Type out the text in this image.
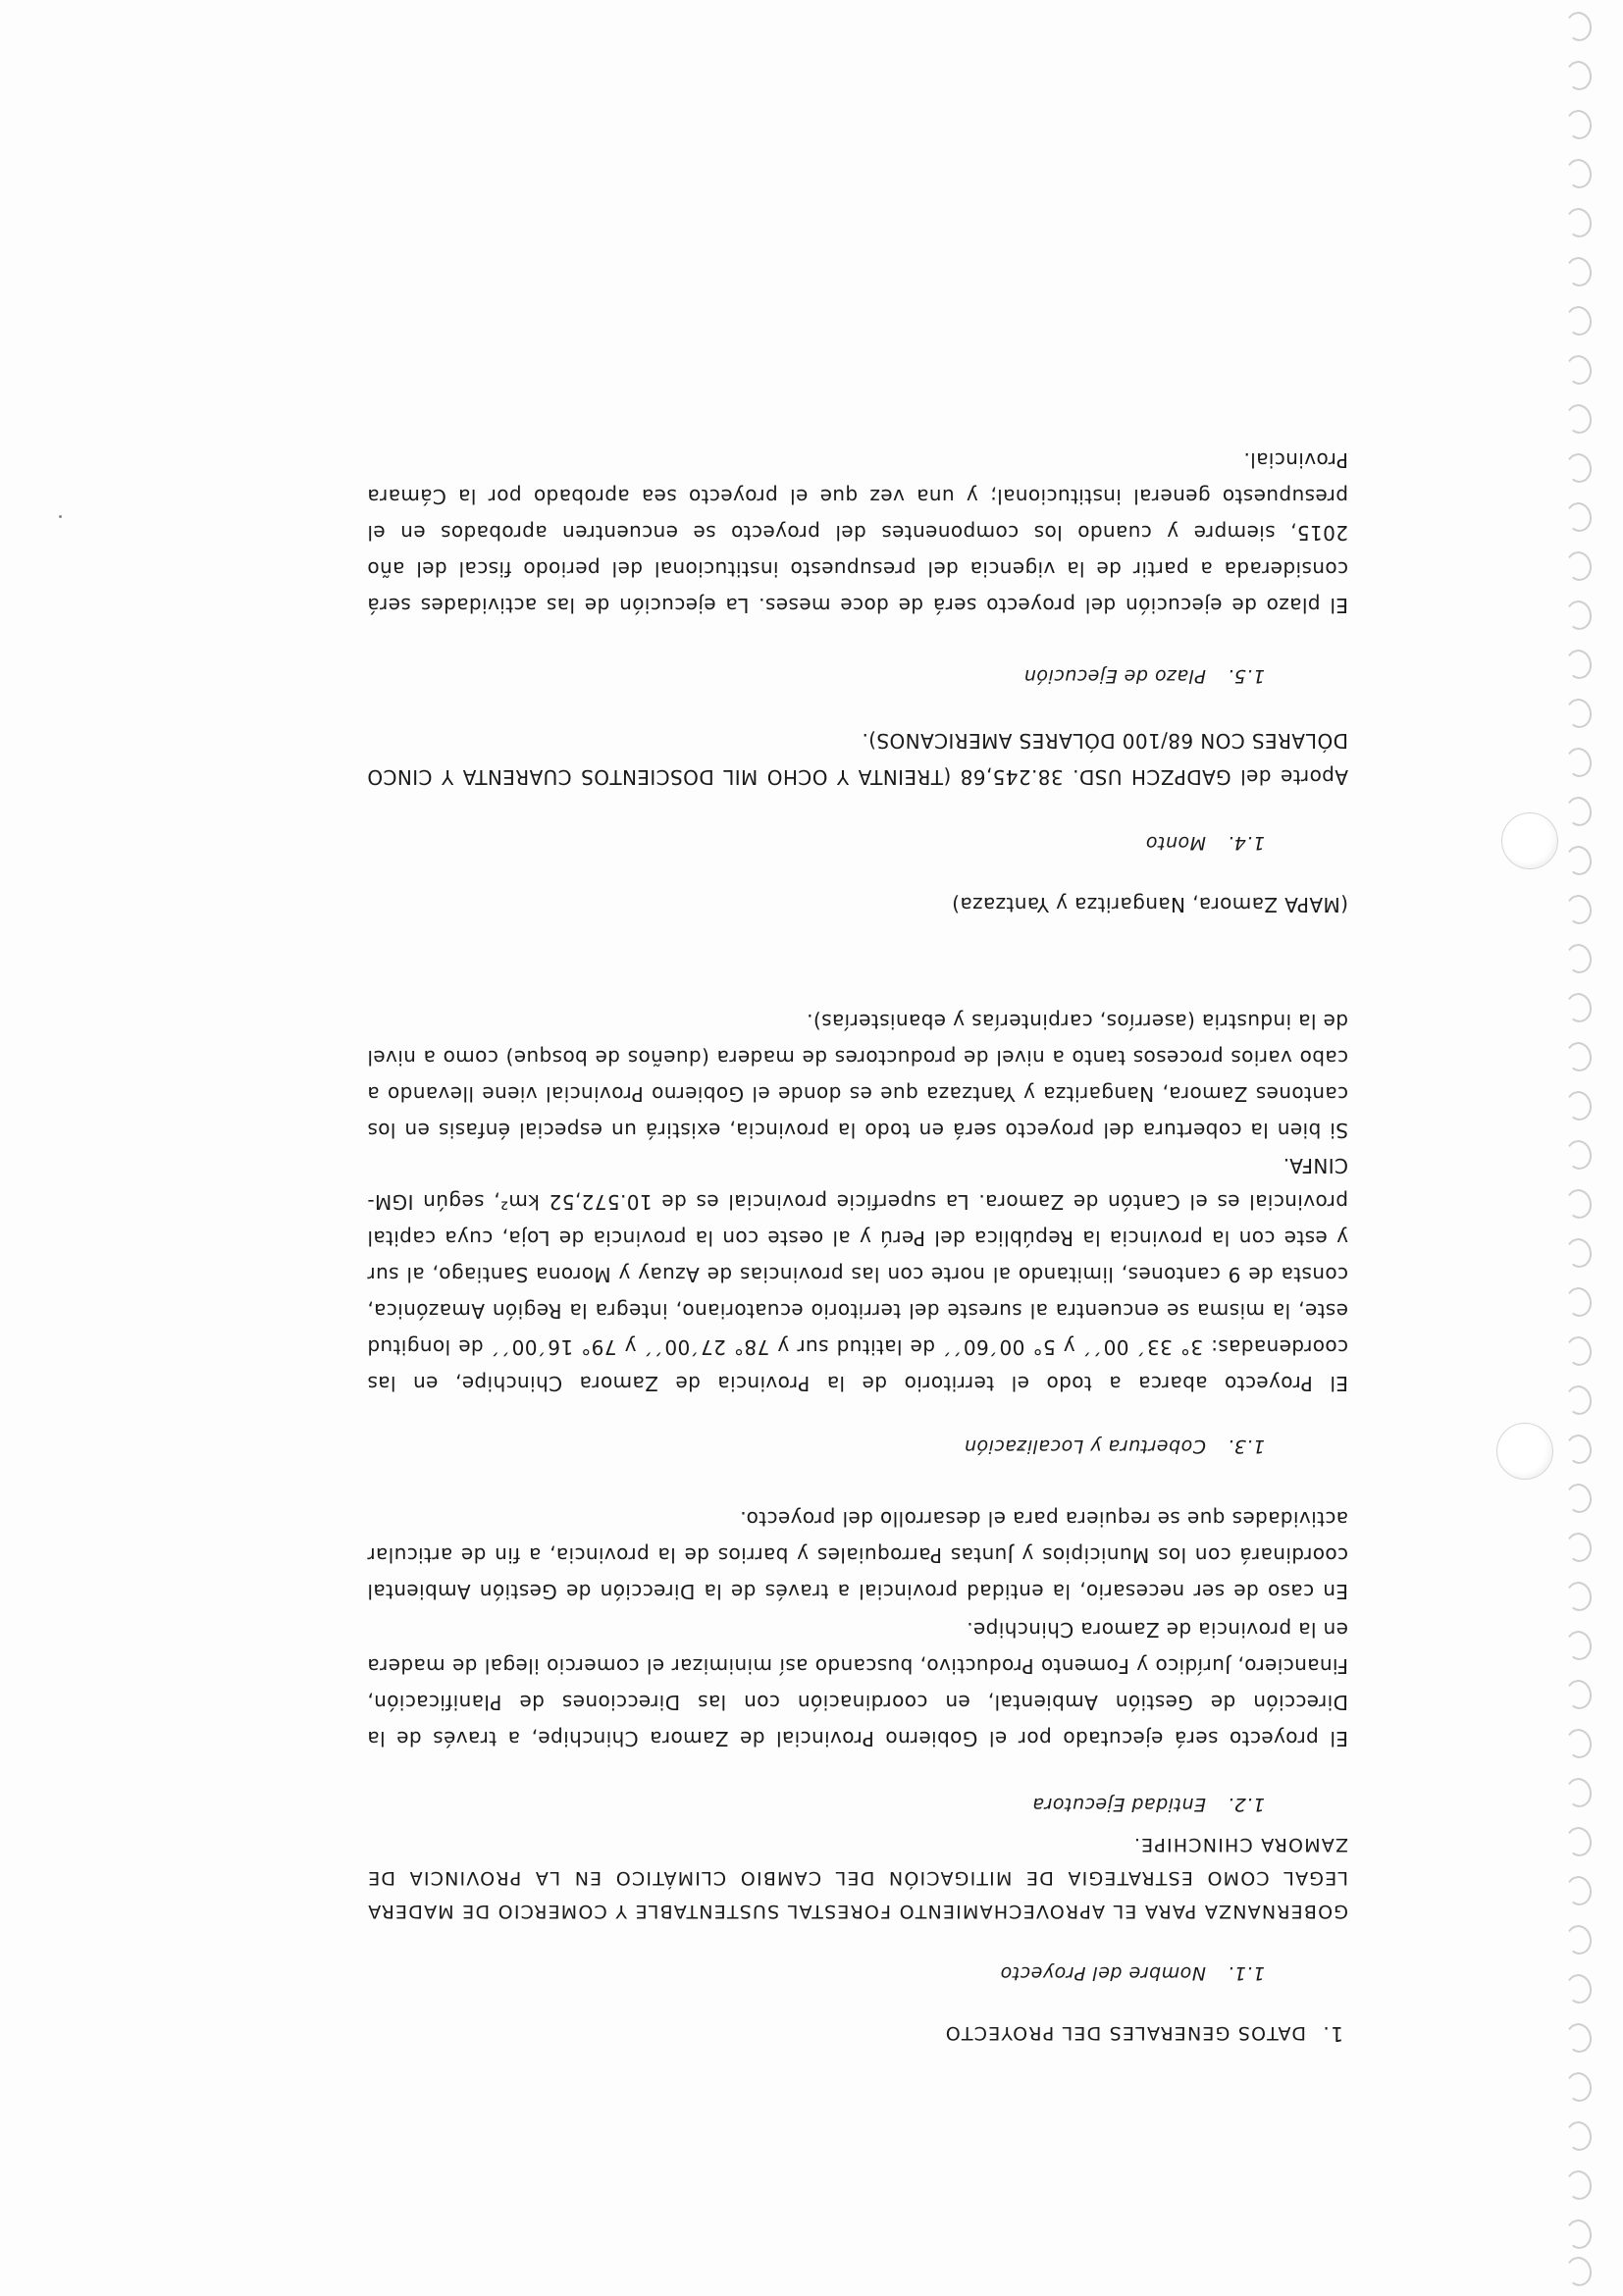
1.DATOS GENERALES DEL PROYECTO
1.1.Nombre del Proyecto
GOBERNANZA PARA EL APROVECHAMIENTO FORESTAL SUSTENTABLE Y COMERCIO DE MADERA LEGAL COMO ESTRATEGIA DE MITIGACIÓN DEL CAMBIO CLIMÁTICO EN LA PROVINCIA DE ZAMORA CHINCHIPE.
1.2.Entidad Ejecutora
El proyecto será ejecutado por el Gobierno Provincial de Zamora Chinchipe, a través de la Dirección de Gestión Ambiental, en coordinación con las Direcciones de Planificación, Financiero, Jurídico y Fomento Productivo, buscando así minimizar el comercio ilegal de madera en la provincia de Zamora Chinchipe.
En caso de ser necesario, la entidad provincial a través de la Dirección de Gestión Ambiental coordinará con los Municipios y Juntas Parroquiales y barrios de la provincia, a fin de articular actividades que se requiera para el desarrollo del proyecto.
1.3.Cobertura y Localización
El Proyecto abarca a todo el territorio de la Provincia de Zamora Chinchipe, en las coordenadas: 3° 33´ 00´´ y 5° 00´60´´ de latitud sur y 78° 27´00´´ y 79° 16´00´´ de longitud este, la misma se encuentra al sureste del territorio ecuatoriano, integra la Región Amazónica, consta de 9 cantones, limitando al norte con las provincias de Azuay y Morona Santiago, al sur y este con la provincia la República del Perú y al oeste con la provincia de Loja, cuya capital provincial es el Cantón de Zamora. La superficie provincial es de 10.572,52 km², según IGM-CINFA.
Si bien la cobertura del proyecto será en todo la provincia, existirá un especial énfasis en los cantones Zamora, Nangaritza y Yantzaza que es donde el Gobierno Provincial viene llevando a cabo varios procesos tanto a nivel de productores de madera (dueños de bosque) como a nivel de la industria (aserríos, carpinterías y ebanisterías).
(MAPA Zamora, Nangaritza y Yantzaza)
1.4.Monto
Aporte del GADPZCH USD. 38.245,68 (TREINTA Y OCHO MIL DOSCIENTOS CUARENTA Y CINCO DÓLARES CON 68/100 DÓLARES AMERICANOS).
1.5.Plazo de Ejecución
El plazo de ejecución del proyecto será de doce meses. La ejecución de las actividades será considerada a partir de la vigencia del presupuesto institucional del periodo fiscal del año 2015, siempre y cuando los componentes del proyecto se encuentren aprobados en el presupuesto general institucional; y una vez que el proyecto sea aprobado por la Cámara Provincial.
